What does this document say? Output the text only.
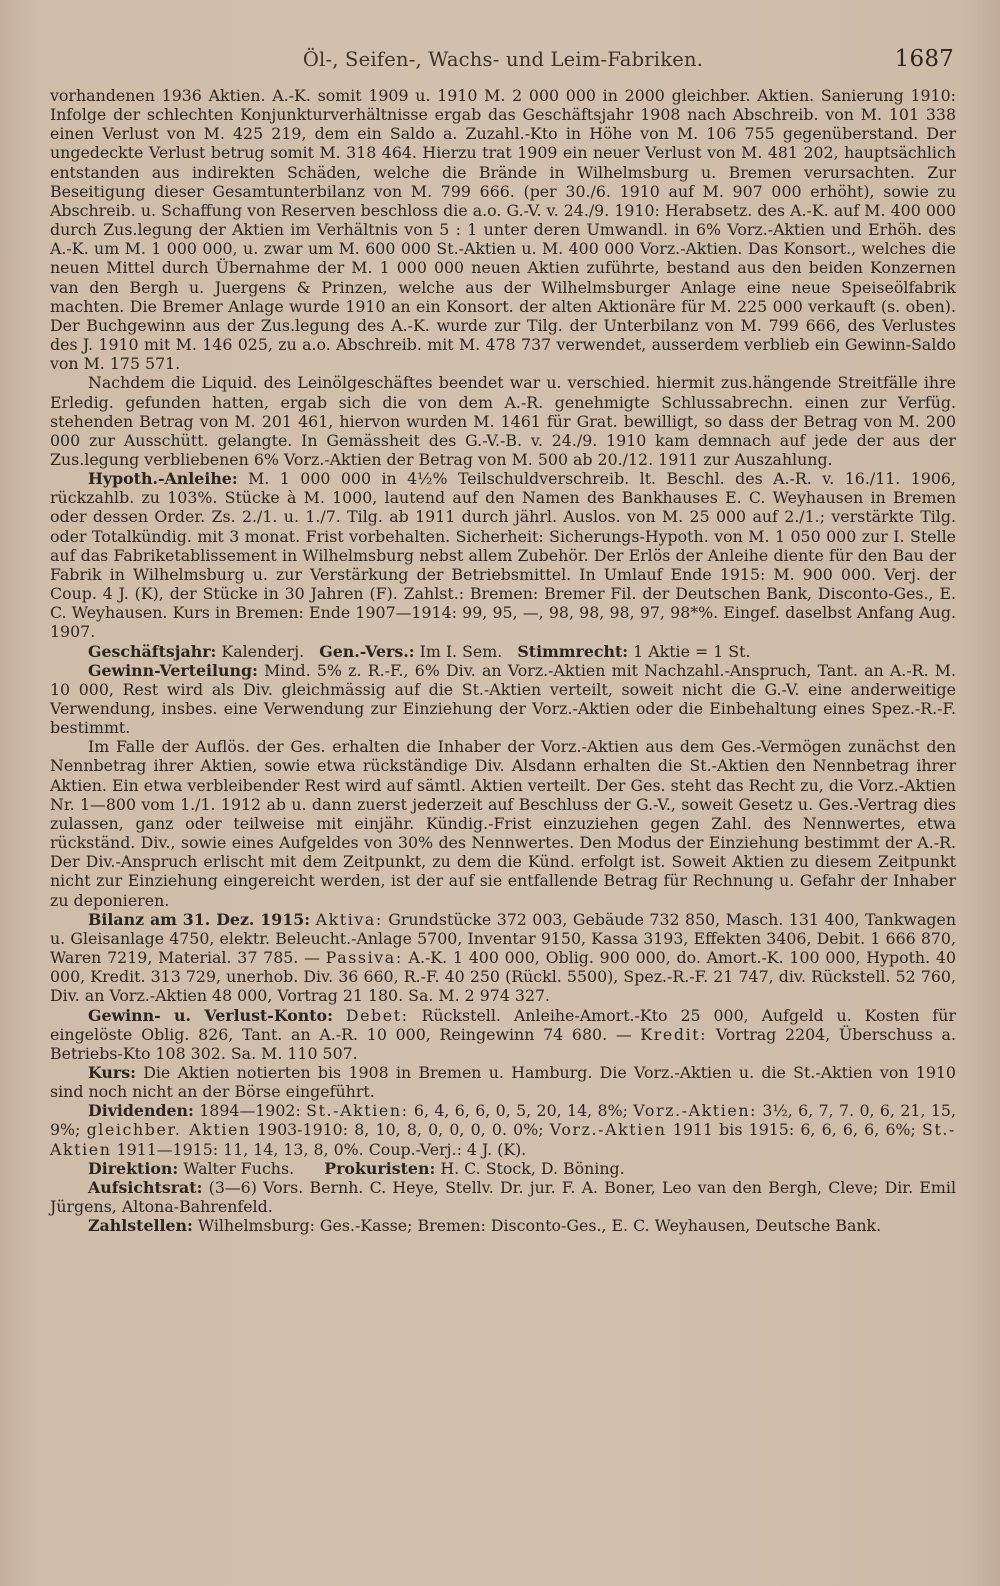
Öl-, Seifen-, Wachs- und Leim-Fabriken.	1687

vorhandenen 1936 Aktien. A.-K. somit 1909 u. 1910 M. 2 000 000 in 2000 gleichber. Aktien. Sanierung 1910: Infolge der schlechten Konjunkturverhältnisse ergab das Geschäftsjahr 1908 nach Abschreib. von M. 101 338 einen Verlust von M. 425 219, dem ein Saldo a. Zuzahl.-Kto in Höhe von M. 106 755 gegenüberstand. Der ungedeckte Verlust betrug somit M. 318 464. Hierzu trat 1909 ein neuer Verlust von M. 481 202, hauptsächlich entstanden aus indirekten Schäden, welche die Brände in Wilhelmsburg u. Bremen verursachten. Zur Beseitigung dieser Gesamtunterbilanz von M. 799 666. (per 30./6. 1910 auf M. 907 000 erhöht), sowie zu Abschreib. u. Schaffung von Reserven beschloss die a.o. G.-V. v. 24./9. 1910: Herabsetz. des A.-K. auf M. 400 000 durch Zus.legung der Aktien im Verhältnis von 5 : 1 unter deren Umwandl. in 6% Vorz.-Aktien und Erhöh. des A.-K. um M. 1 000 000, u. zwar um M. 600 000 St.-Aktien u. M. 400 000 Vorz.-Aktien. Das Konsort., welches die neuen Mittel durch Übernahme der M. 1 000 000 neuen Aktien zuführte, bestand aus den beiden Konzernen van den Bergh u. Juergens & Prinzen, welche aus der Wilhelmsburger Anlage eine neue Speiseölfabrik machten. Die Bremer Anlage wurde 1910 an ein Konsort. der alten Aktionäre für M. 225 000 verkauft (s. oben). Der Buchgewinn aus der Zus.legung des A.-K. wurde zur Tilg. der Unterbilanz von M. 799 666, des Verlustes des J. 1910 mit M. 146 025, zu a.o. Abschreib. mit M. 478 737 verwendet, ausserdem verblieb ein Gewinn-Saldo von M. 175 571.

Nachdem die Liquid. des Leinölgeschäftes beendet war u. verschied. hiermit zus.hängende Streitfälle ihre Erledig. gefunden hatten, ergab sich die von dem A.-R. genehmigte Schlussabrechn. einen zur Verfüg. stehenden Betrag von M. 201 461, hiervon wurden M. 1461 für Grat. bewilligt, so dass der Betrag von M. 200 000 zur Ausschütt. gelangte. In Gemässheit des G.-V.-B. v. 24./9. 1910 kam demnach auf jede der aus der Zus.legung verbliebenen 6% Vorz.-Aktien der Betrag von M. 500 ab 20./12. 1911 zur Auszahlung.

Hypoth.-Anleihe: M. 1 000 000 in 4½% Teilschuldverschreib. lt. Beschl. des A.-R. v. 16./11. 1906, rückzahlb. zu 103%. Stücke à M. 1000, lautend auf den Namen des Bankhauses E. C. Weyhausen in Bremen oder dessen Order. Zs. 2./1. u. 1./7. Tilg. ab 1911 durch jährl. Auslos. von M. 25 000 auf 2./1.; verstärkte Tilg. oder Totalkündig. mit 3 monat. Frist vorbehalten. Sicherheit: Sicherungs-Hypoth. von M. 1 050 000 zur I. Stelle auf das Fabriketablissement in Wilhelmsburg nebst allem Zubehör. Der Erlös der Anleihe diente für den Bau der Fabrik in Wilhelmsburg u. zur Verstärkung der Betriebsmittel. In Umlauf Ende 1915: M. 900 000. Verj. der Coup. 4 J. (K), der Stücke in 30 Jahren (F). Zahlst.: Bremen: Bremer Fil. der Deutschen Bank, Disconto-Ges., E. C. Weyhausen. Kurs in Bremen: Ende 1907—1914: 99, 95, —, 98, 98, 98, 97, 98*%. Eingef. daselbst Anfang Aug. 1907.

Geschäftsjahr: Kalenderj. Gen.-Vers.: Im I. Sem. Stimmrecht: 1 Aktie = 1 St.

Gewinn-Verteilung: Mind. 5% z. R.-F., 6% Div. an Vorz.-Aktien mit Nachzahl.-Anspruch, Tant. an A.-R. M. 10 000, Rest wird als Div. gleichmässig auf die St.-Aktien verteilt, soweit nicht die G.-V. eine anderweitige Verwendung, insbes. eine Verwendung zur Einziehung der Vorz.-Aktien oder die Einbehaltung eines Spez.-R.-F. bestimmt.

Im Falle der Auflös. der Ges. erhalten die Inhaber der Vorz.-Aktien aus dem Ges.-Vermögen zunächst den Nennbetrag ihrer Aktien, sowie etwa rückständige Div. Alsdann erhalten die St.-Aktien den Nennbetrag ihrer Aktien. Ein etwa verbleibender Rest wird auf sämtl. Aktien verteilt. Der Ges. steht das Recht zu, die Vorz.-Aktien Nr. 1—800 vom 1./1. 1912 ab u. dann zuerst jederzeit auf Beschluss der G.-V., soweit Gesetz u. Ges.-Vertrag dies zulassen, ganz oder teilweise mit einjähr. Kündig.-Frist einzuziehen gegen Zahl. des Nennwertes, etwa rückständ. Div., sowie eines Aufgeldes von 30% des Nennwertes. Den Modus der Einziehung bestimmt der A.-R. Der Div.-Anspruch erlischt mit dem Zeitpunkt, zu dem die Künd. erfolgt ist. Soweit Aktien zu diesem Zeitpunkt nicht zur Einziehung eingereicht werden, ist der auf sie entfallende Betrag für Rechnung u. Gefahr der Inhaber zu deponieren.

Bilanz am 31. Dez. 1915: Aktiva: Grundstücke 372 003, Gebäude 732 850, Masch. 131 400, Tankwagen u. Gleisanlage 4750, elektr. Beleucht.-Anlage 5700, Inventar 9150, Kassa 3193, Effekten 3406, Debit. 1 666 870, Waren 7219, Material. 37 785. — Passiva: A.-K. 1 400 000, Oblig. 900 000, do. Amort.-K. 100 000, Hypoth. 40 000, Kredit. 313 729, unerhob. Div. 36 660, R.-F. 40 250 (Rückl. 5500), Spez.-R.-F. 21 747, div. Rückstell. 52 760, Div. an Vorz.-Aktien 48 000, Vortrag 21 180. Sa. M. 2 974 327.

Gewinn- u. Verlust-Konto: Debet: Rückstell. Anleihe-Amort.-Kto 25 000, Aufgeld u. Kosten für eingelöste Oblig. 826, Tant. an A.-R. 10 000, Reingewinn 74 680. — Kredit: Vortrag 2204, Überschuss a. Betriebs-Kto 108 302. Sa. M. 110 507.

Kurs: Die Aktien notierten bis 1908 in Bremen u. Hamburg. Die Vorz.-Aktien u. die St.-Aktien von 1910 sind noch nicht an der Börse eingeführt.

Dividenden: 1894—1902: St.-Aktien: 6, 4, 6, 6, 0, 5, 20, 14, 8%; Vorz.-Aktien: 3½, 6, 7, 7. 0, 6, 21, 15, 9%; gleichber. Aktien 1903-1910: 8, 10, 8, 0, 0, 0, 0. 0%; Vorz.-Aktien 1911 bis 1915: 6, 6, 6, 6, 6%; St.-Aktien 1911—1915: 11, 14, 13, 8, 0%. Coup.-Verj.: 4 J. (K).

Direktion: Walter Fuchs. Prokuristen: H. C. Stock, D. Böning.

Aufsichtsrat: (3—6) Vors. Bernh. C. Heye, Stellv. Dr. jur. F. A. Boner, Leo van den Bergh, Cleve; Dir. Emil Jürgens, Altona-Bahrenfeld.

Zahlstellen: Wilhelmsburg: Ges.-Kasse; Bremen: Disconto-Ges., E. C. Weyhausen, Deutsche Bank.
